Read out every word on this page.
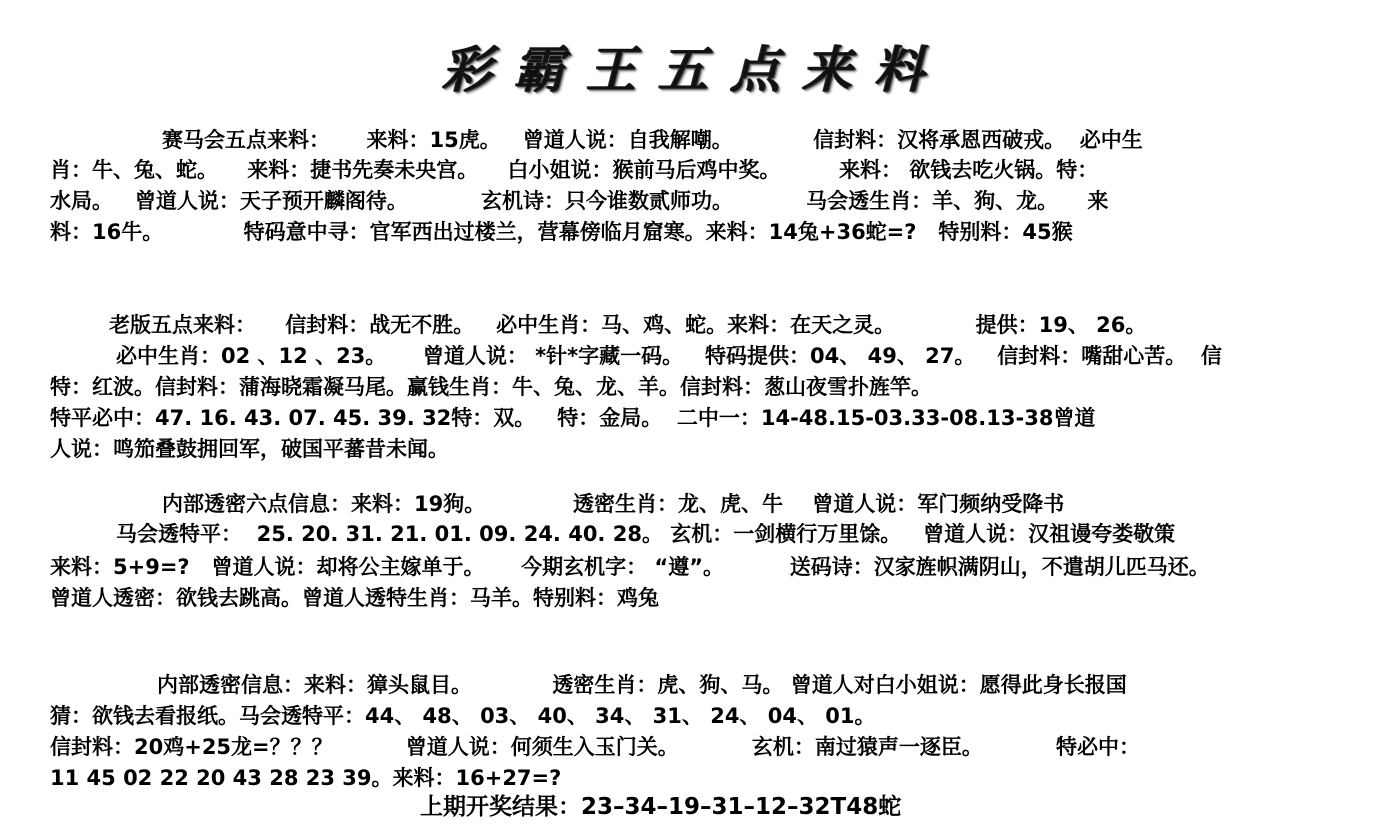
彩霸王五点来料
赛马会五点来料：     来料：15虎。   曾道人说：自我解嘲。           信封料：汉将承恩西破戎。  必中生
肖：牛、兔、蛇。    来料：捷书先奏未央宫。    白小姐说：猴前马后鸡中奖。        来料： 欲钱去吃火锅。特：
水局。   曾道人说：天子预开麟阁待。          玄机诗：只今谁数贰师功。          马会透生肖：羊、狗、龙。    来
料：16牛。           特码意中寻：官军西出过楼兰，营幕傍临月窟寒。来料：14兔+36蛇=?   特别料：45猴
老版五点来料：    信封料：战无不胜。   必中生肖：马、鸡、蛇。来料：在天之灵。           提供：19、 26。
必中生肖：02 、12 、23。     曾道人说： *针*字藏一码。   特码提供：04、 49、 27。   信封料：嘴甜心苦。  信
特：红波。信封料：蒲海晓霜凝马尾。赢钱生肖：牛、兔、龙、羊。信封料：葱山夜雪扑旌竿。
特平必中：47. 16. 43. 07. 45. 39. 32特：双。   特：金局。  二中一：14-48.15-03.33-08.13-38曾道
人说：鸣笳叠鼓拥回军，破国平蕃昔未闻。
内部透密六点信息：来料：19狗。            透密生肖：龙、虎、牛    曾道人说：军门频纳受降书
马会透特平：  25. 20. 31. 21. 01. 09. 24. 40. 28。 玄机：一剑横行万里馀。   曾道人说：汉祖谩夸娄敬策
来料：5+9=?   曾道人说：却将公主嫁单于。     今期玄机字： “遵”。         送码诗：汉家旌帜满阴山，不遣胡儿匹马还。
曾道人透密：欲钱去跳高。曾道人透特生肖：马羊。特别料：鸡兔
内部透密信息：来料：獐头鼠目。           透密生肖：虎、狗、马。 曾道人对白小姐说：愿得此身长报国
猜：欲钱去看报纸。马会透特平：44、 48、 03、 40、 34、 31、 24、 04、 01。
信封料：20鸡+25龙=？？？          曾道人说：何须生入玉门关。          玄机：南过猿声一逐臣。          特必中：
11 45 02 22 20 43 28 23 39。来料：16+27=?
上期开奖结果：23–34–19–31–12–32T48蛇
